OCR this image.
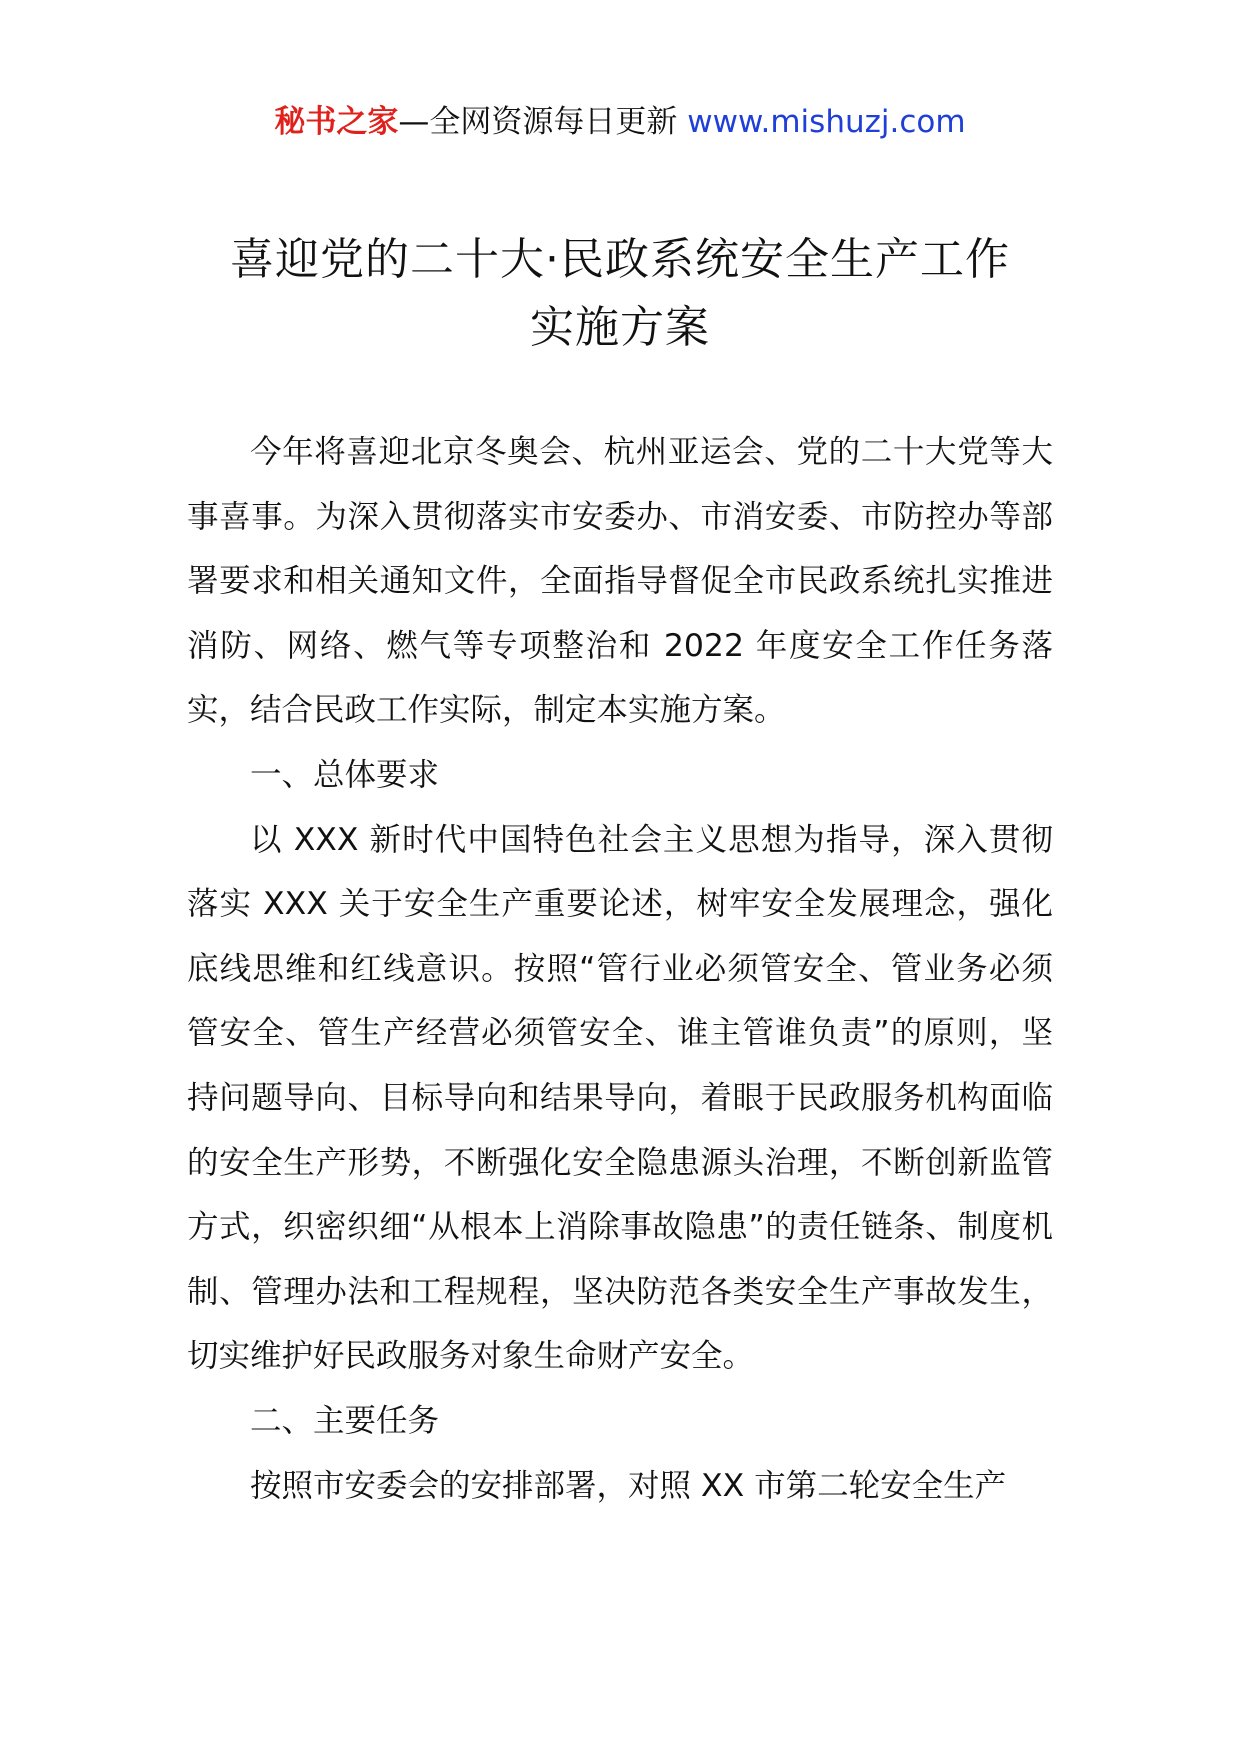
秘书之家—全网资源每日更新 www.mishuzj.com
喜迎党的二十大·民政系统安全生产工作
实施方案

今年将喜迎北京冬奥会、杭州亚运会、党的二十大党等大事喜事。为深入贯彻落实市安委办、市消安委、市防控办等部署要求和相关通知文件，全面指导督促全市民政系统扎实推进消防、网络、燃气等专项整治和 2022 年度安全工作任务落实，结合民政工作实际，制定本实施方案。

一、总体要求

以 XXX 新时代中国特色社会主义思想为指导，深入贯彻落实 XXX 关于安全生产重要论述，树牢安全发展理念，强化底线思维和红线意识。按照“管行业必须管安全、管业务必须管安全、管生产经营必须管安全、谁主管谁负责”的原则，坚持问题导向、目标导向和结果导向，着眼于民政服务机构面临的安全生产形势，不断强化安全隐患源头治理，不断创新监管方式，织密织细“从根本上消除事故隐患”的责任链条、制度机制、管理办法和工程规程，坚决防范各类安全生产事故发生，切实维护好民政服务对象生命财产安全。

二、主要任务

按照市安委会的安排部署，对照 XX 市第二轮安全生产
